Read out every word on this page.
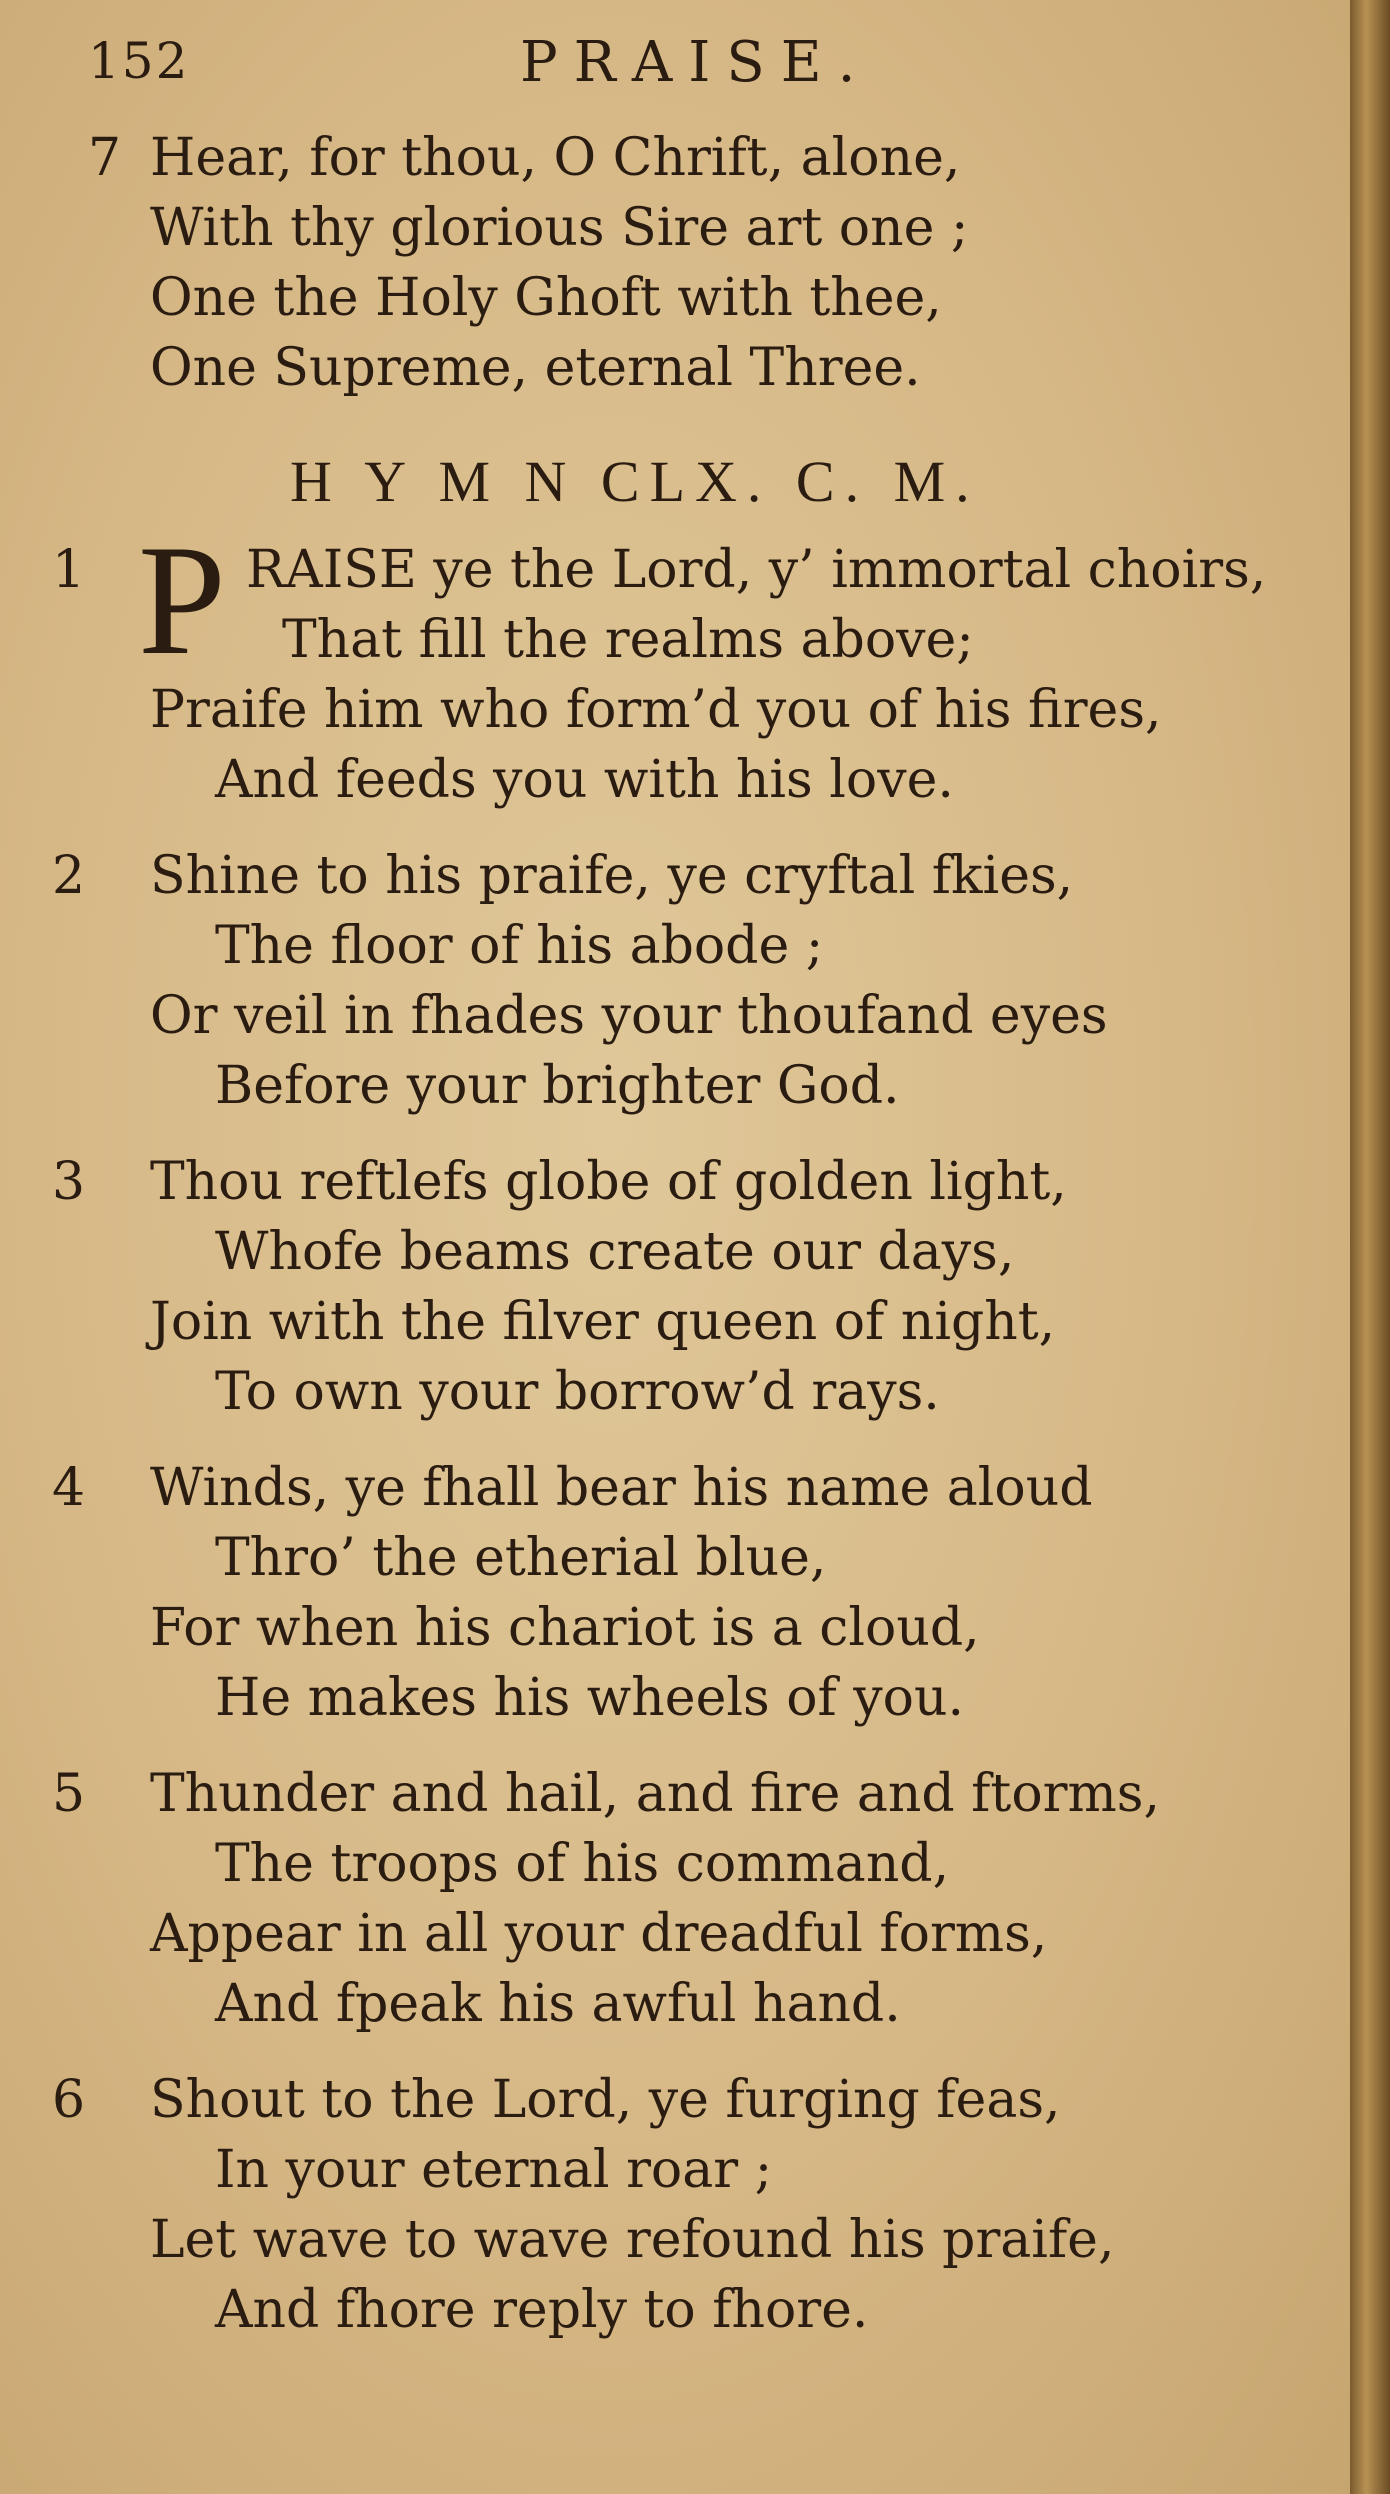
152	PRAISE.
7 Hear, for thou, O Chrift, alone,
With thy glorious Sire art one ;
One the Holy Ghoft with thee,
One Supreme, eternal Three.
H Y M N CLX. C. M.
1 P RAISE ye the Lord, y’ immortal choirs,
That fill the realms above;
Praife him who form’d you of his fires,
And feeds you with his love.
2 Shine to his praife, ye cryftal fkies,
The floor of his abode ;
Or veil in fhades your thoufand eyes
Before your brighter God.
3 Thou reftlefs globe of golden light,
Whofe beams create our days,
Join with the filver queen of night,
To own your borrow’d rays.
4 Winds, ye fhall bear his name aloud
Thro’ the etherial blue,
For when his chariot is a cloud,
He makes his wheels of you.
5 Thunder and hail, and fire and ftorms,
The troops of his command,
Appear in all your dreadful forms,
And fpeak his awful hand.
6 Shout to the Lord, ye furging feas,
In your eternal roar ;
Let wave to wave refound his praife,
And fhore reply to fhore.
